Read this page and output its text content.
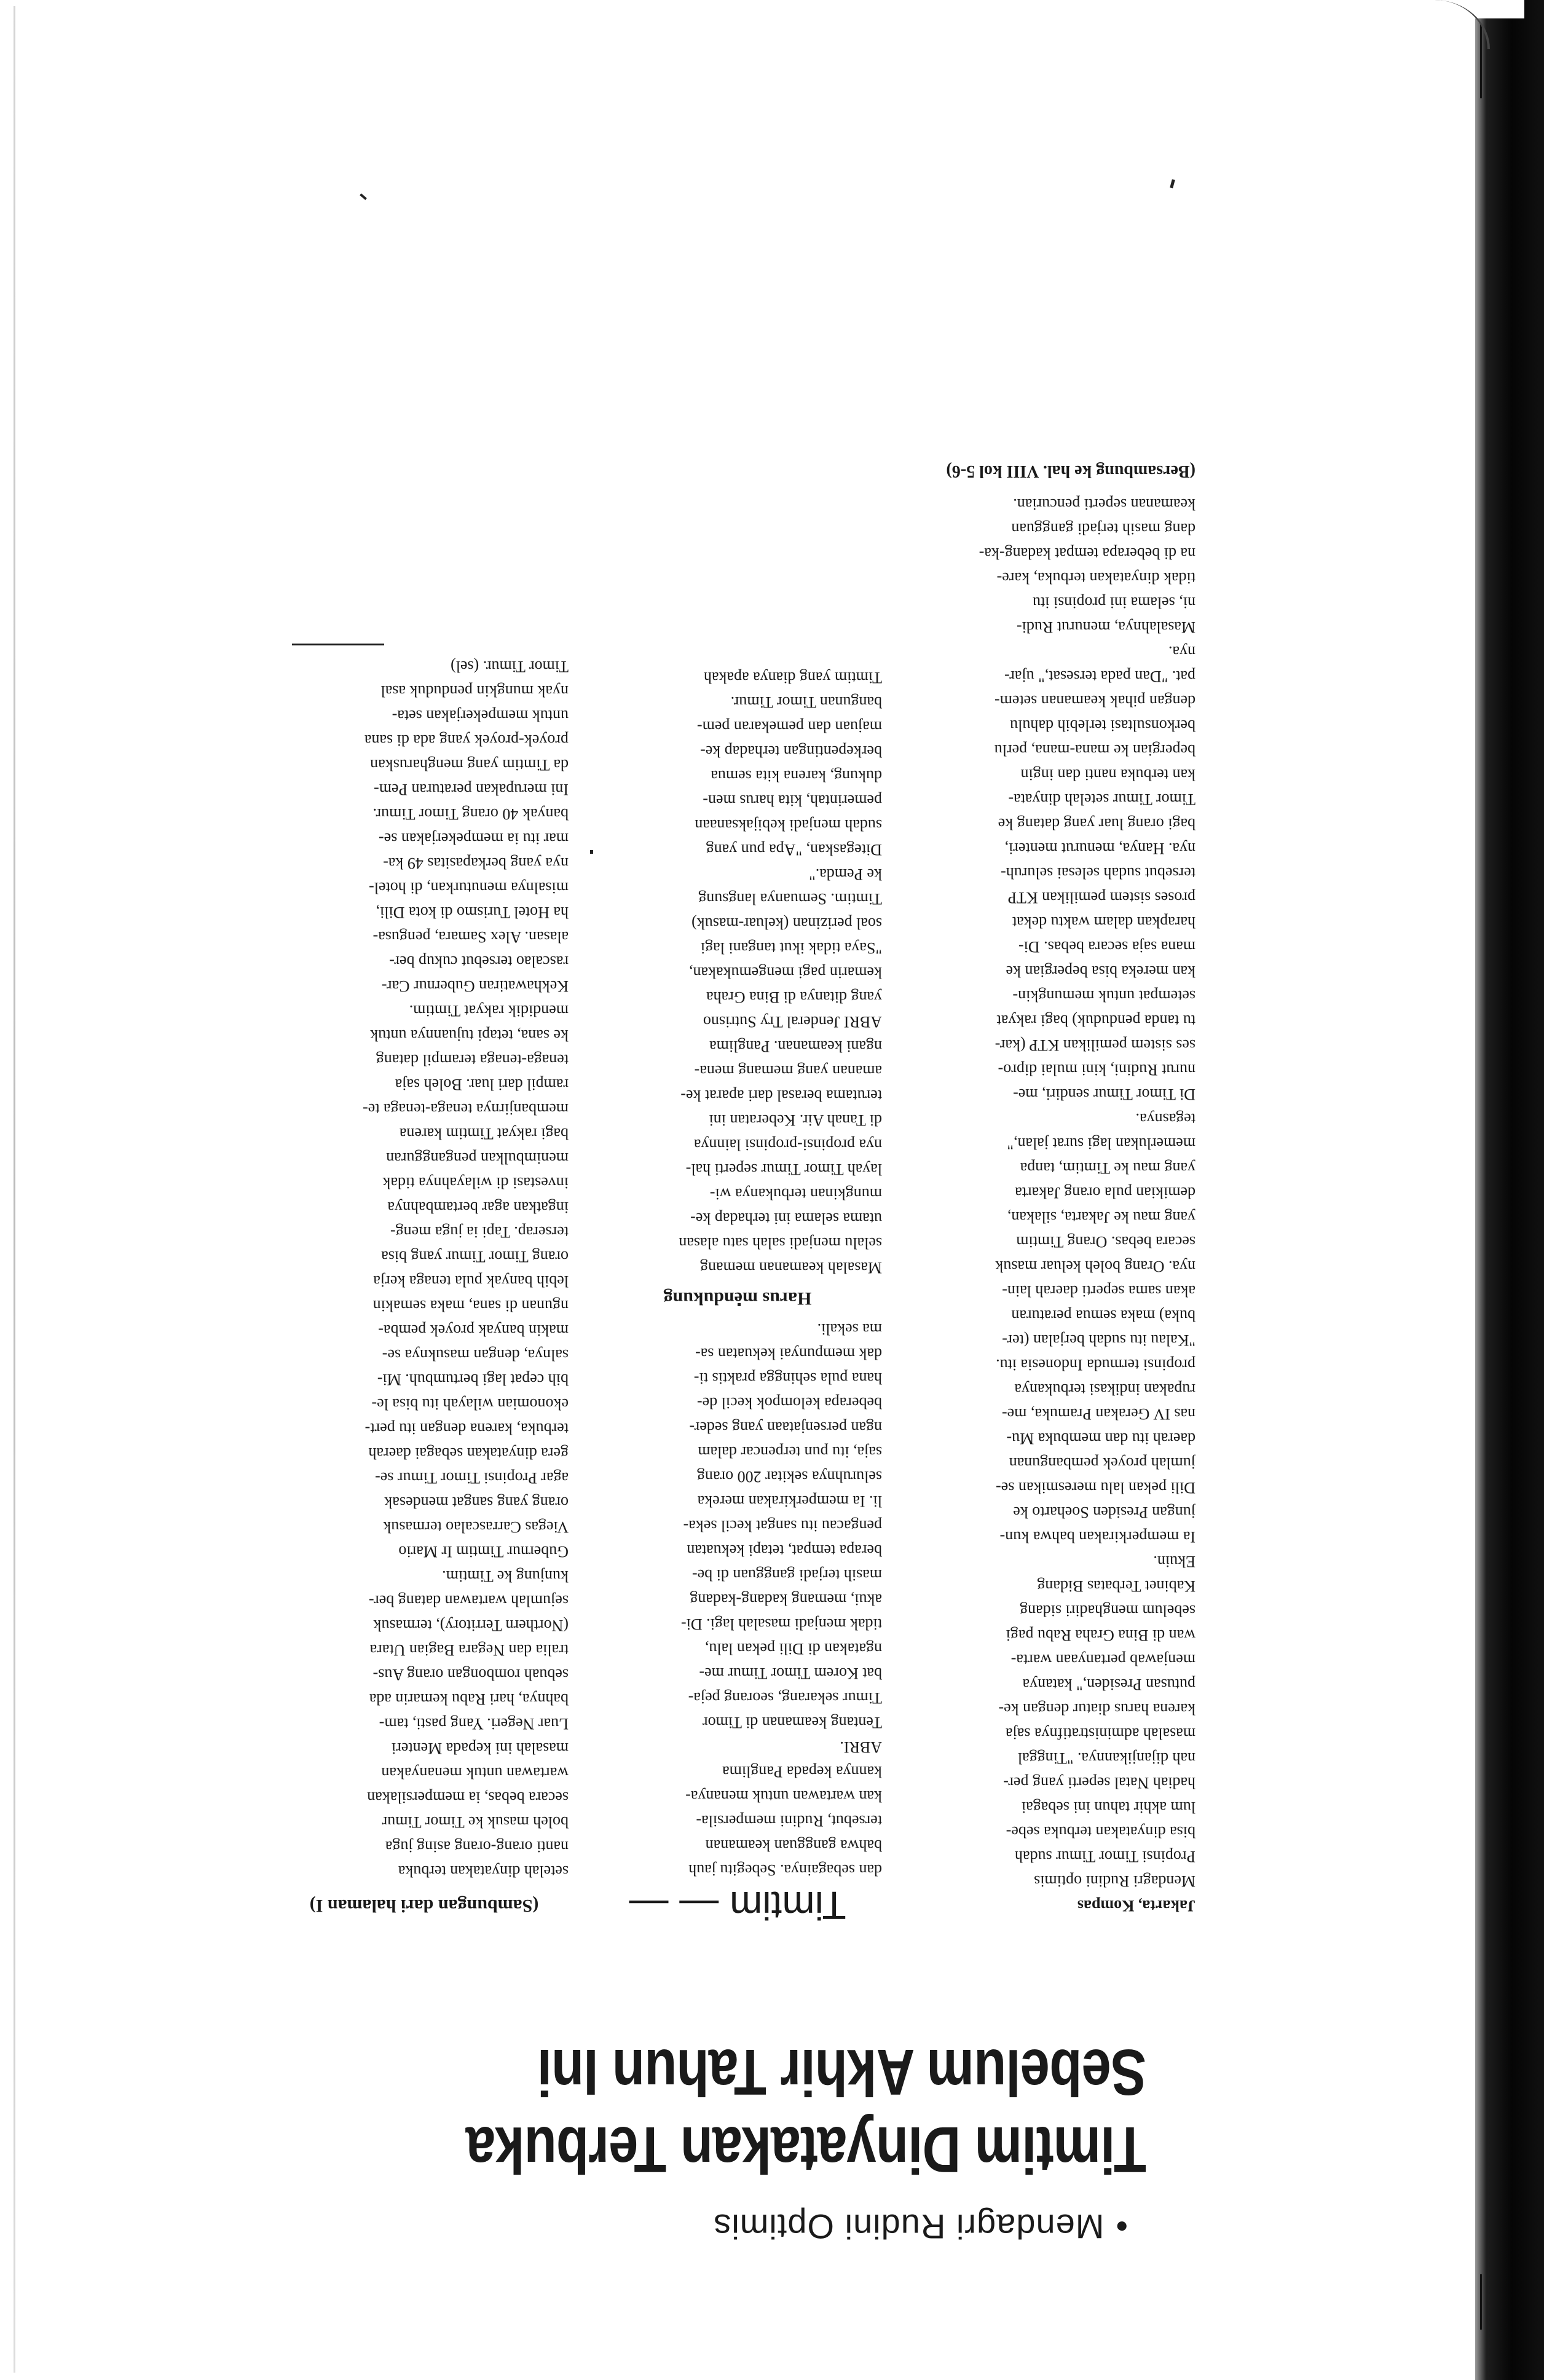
•Mendagri Rudini Optimis
Timtim Dinyatakan Terbuka
Sebelum Akhir Tahun Ini
Jakarta, Kompas
Mendagri Rudini optimis
Propinsi Timor Timur sudah
bisa dinyatakan terbuka sebe-
lum akhir tahun ini sebagai
hadiah Natal seperti yang per-
nah dijanjikannya. "Tinggal
masalah administratifnya saja
karena harus diatur dengan ke-
putusan Presiden," katanya
menjawab pertanyaan warta-
wan di Bina Graha Rabu pagi
sebelum menghadiri sidang
Kabinet Terbatas Bidang
Ekuin.
Ia memperkirakan bahwa kun-
jungan Presiden Soeharto ke
Dili pekan lalu meresmikan se-
jumlah proyek pembangunan
daerah itu dan membuka Mu-
nas IV Gerakan Pramuka, me-
rupakan indikasi terbukanya
propinsi termuda Indonesia itu.
"Kalau itu sudah berjalan (ter-
buka) maka semua peraturan
akan sama seperti daerah lain-
nya. Orang boleh keluar masuk
secara bebas. Orang Timtim
yang mau ke Jakarta, silakan,
demikian pula orang Jakarta
yang mau ke Timtim, tanpa
memerlukan lagi surat jalan,"
tegasnya.
Di Timor Timur sendiri, me-
nurut Rudini, kini mulai dipro-
ses sistem pemilikan KTP (kar-
tu tanda penduduk) bagi rakyat
setempat untuk memungkin-
kan mereka bisa bepergian ke
mana saja secara bebas. Di-
harapkan dalam waktu dekat
proses sistem pemilikan KTP
tersebut sudah selesai seluruh-
nya. Hanya, menurut menteri,
bagi orang luar yang datang ke
Timor Timur setelah dinyata-
kan terbuka nanti dan ingin
bepergian ke mana-mana, perlu
berkonsultasi terlebih dahulu
dengan pihak keamanan setem-
pat. "Dan pada tersesat," ujar-
nya.
Masalahnya, menurut Rudi-
ni, selama ini propinsi itu
tidak dinyatakan terbuka, kare-
na di beberapa tempat kadang-ka-
dang masih terjadi gangguan
keamanan seperti pencurian.
(Bersambung ke hal. VIII kol 5-6)
Timtim — —
dan sebagainya. Sebegitu jauh
bahwa gangguan keamanan
tersebut, Rudini mempersila-
kan wartawan untuk menanya-
kannya kepada Panglima
ABRI.
Tentang keamanan di Timor
Timur sekarang, seorang peja-
bat Korem Timor Timur me-
ngatakan di Dili pekan lalu,
tidak menjadi masalah lagi. Di-
akui, memang kadang-kadang
masih terjadi gangguan di be-
berapa tempat, tetapi kekuatan
pengacau itu sangat kecil seka-
li. Ia memperkirakan mereka
seluruhnya sekitar 200 orang
saja, itu pun terpencar dalam
ngan persenjataan yang seder-
beberapa kelompok kecil de-
hana pula sehingga praktis ti-
dak mempunyai kekuatan sa-
ma sekali.
Harus mendukung
Masalah keamanan memang
selalu menjadi salah satu alasan
utama selama ini terhadap ke-
mungkinan terbukanya wi-
layah Timor Timur seperti hal-
nya propinsi-propinsi lainnya
di Tanah Air. Keberatan ini
terutama berasal dari aparat ke-
amanan yang memang mena-
ngani keamanan. Panglima
ABRI Jenderal Try Sutrisno
yang ditanya di Bina Graha
kemarin pagi mengemukakan,
"Saya tidak ikut tangani lagi
soal perizinan (keluar-masuk)
Timtim. Semuanya langsung
ke Pemda."
Ditegaskan, "Apa pun yang
sudah menjadi kebijaksanaan
pemerintah, kita harus men-
dukung, karena kita semua
berkepentingan terhadap ke-
majuan dan pemekaran pem-
bangunan Timor Timur.
Timtim yang dianya apakah
(Sambungan dari halaman I)
setelah dinyatakan terbuka
nanti orang-orang asing juga
boleh masuk ke Timor Timur
secara bebas, ia mempersilakan
wartawan untuk menanyakan
masalah ini kepada Menteri
Luar Negeri. Yang pasti, tam-
bahnya, hari Rabu kemarin ada
sebuah rombongan orang Aus-
tralia dan Negara Bagian Utara
(Northern Territory), termasuk
sejumlah wartawan datang ber-
kunjung ke Timtim.
Gubernur Timtim Ir Mario
Viegas Carrascalao termasuk
orang yang sangat mendesak
agar Propinsi Timor Timur se-
gera dinyatakan sebagai daerah
terbuka, karena dengan itu pert-
ekonomian wilayah itu bisa le-
bih cepat lagi bertumbuh. Mi-
salnya, dengan masuknya se-
makin banyak proyek pemba-
ngunan di sana, maka semakin
lebih banyak pula tenaga kerja
orang Timor Timur yang bisa
terserap. Tapi ia juga meng-
ingatkan agar bertambahnya
investasi di wilayahnya tidak
menimbulkan pengangguran
bagi rakyat Timtim karena
membanjirnya tenaga-tenaga te-
rampil dari luar. Boleh saja
tenaga-tenaga terampil datang
ke sana, tetapi tujuannya untuk
mendidik rakyat Timtim.
Kekhawatiran Gubernur Car-
rascalao tersebut cukup ber-
alasan. Alex Samara, pengusa-
ha Hotel Turismo di kota Dili,
misalnya menuturkan, di hotel-
nya yang berkapasitas 49 ka-
mar itu ia mempekerjakan se-
banyak 40 orang Timor Timur.
Ini merupakan peraturan Pem-
da Timtim yang mengharuskan
proyek-proyek yang ada di sana
untuk mempekerjakan seta-
nyak mungkin penduduk asal
Timor Timur. (sel)
